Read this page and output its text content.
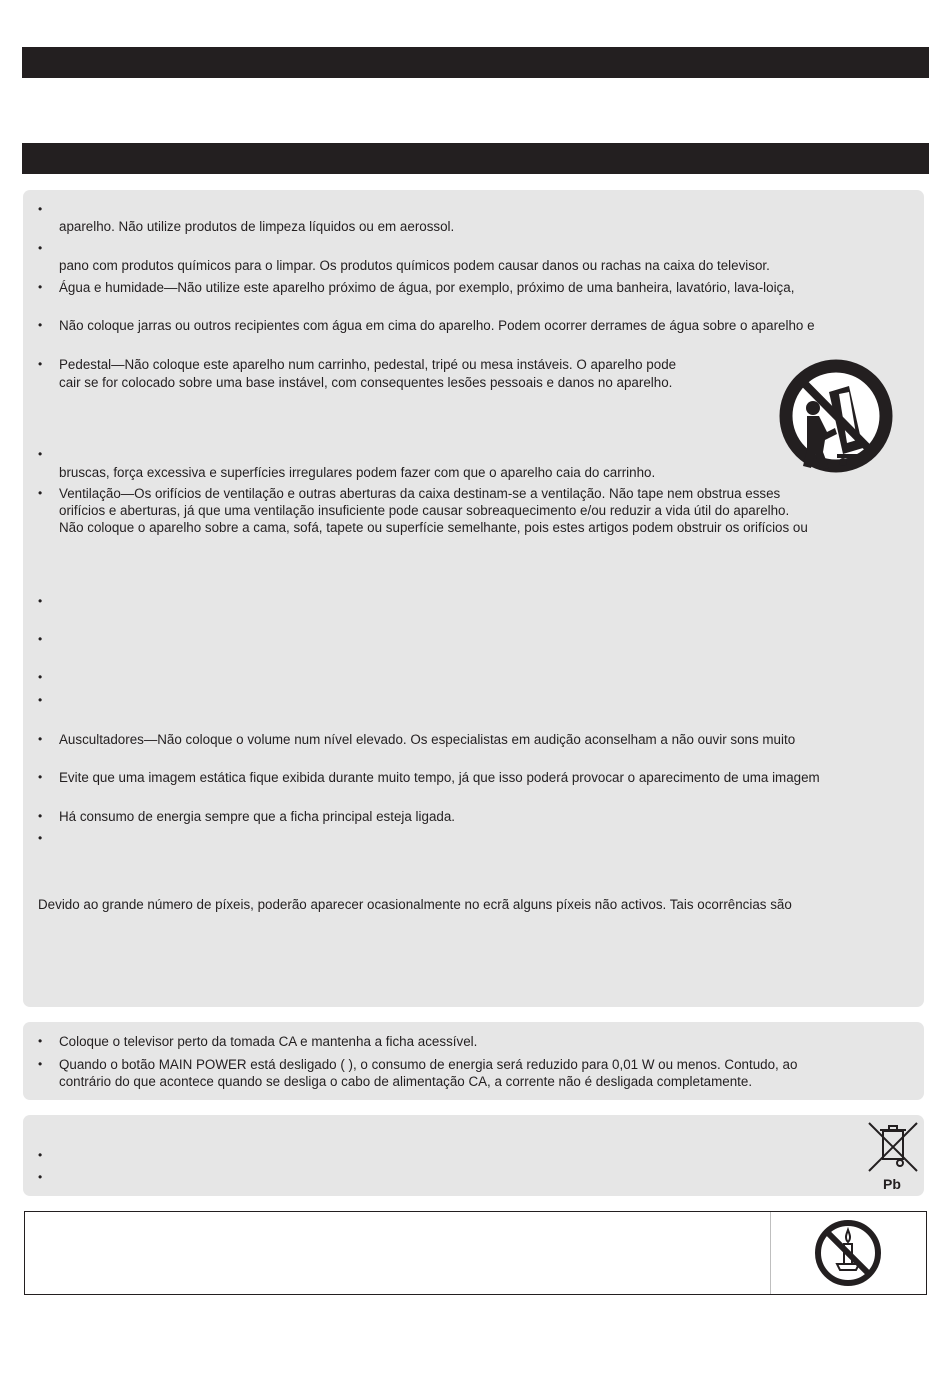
•
aparelho. Não utilize produtos de limpeza líquidos ou em aerossol.
•
pano com produtos químicos para o limpar. Os produtos químicos podem causar danos ou rachas na caixa do televisor.
• Água e humidade—Não utilize este aparelho próximo de água, por exemplo, próximo de uma banheira, lavatório, lava-loiça,
• Não coloque jarras ou outros recipientes com água em cima do aparelho. Podem ocorrer derrames de água sobre o aparelho e
• Pedestal—Não coloque este aparelho num carrinho, pedestal, tripé ou mesa instáveis. O aparelho pode
cair se for colocado sobre uma base instável, com consequentes lesões pessoais e danos no aparelho.
•
bruscas, força excessiva e superfícies irregulares podem fazer com que o aparelho caia do carrinho.
• Ventilação—Os orifícios de ventilação e outras aberturas da caixa destinam-se a ventilação. Não tape nem obstrua esses
orifícios e aberturas, já que uma ventilação insuficiente pode causar sobreaquecimento e/ou reduzir a vida útil do aparelho.
Não coloque o aparelho sobre a cama, sofá, tapete ou superfície semelhante, pois estes artigos podem obstruir os orifícios ou
•
•
•
•
• Auscultadores—Não coloque o volume num nível elevado. Os especialistas em audição aconselham a não ouvir sons muito
• Evite que uma imagem estática fique exibida durante muito tempo, já que isso poderá provocar o aparecimento de uma imagem
• Há consumo de energia sempre que a ficha principal esteja ligada.
•
Devido ao grande número de píxeis, poderão aparecer ocasionalmente no ecrã alguns píxeis não activos. Tais ocorrências são
• Coloque o televisor perto da tomada CA e mantenha a ficha acessível.
• Quando o botão MAIN POWER está desligado ( ), o consumo de energia será reduzido para 0,01 W ou menos. Contudo, ao
contrário do que acontece quando se desliga o cabo de alimentação CA, a corrente não é desligada completamente.
•
•	Pb
